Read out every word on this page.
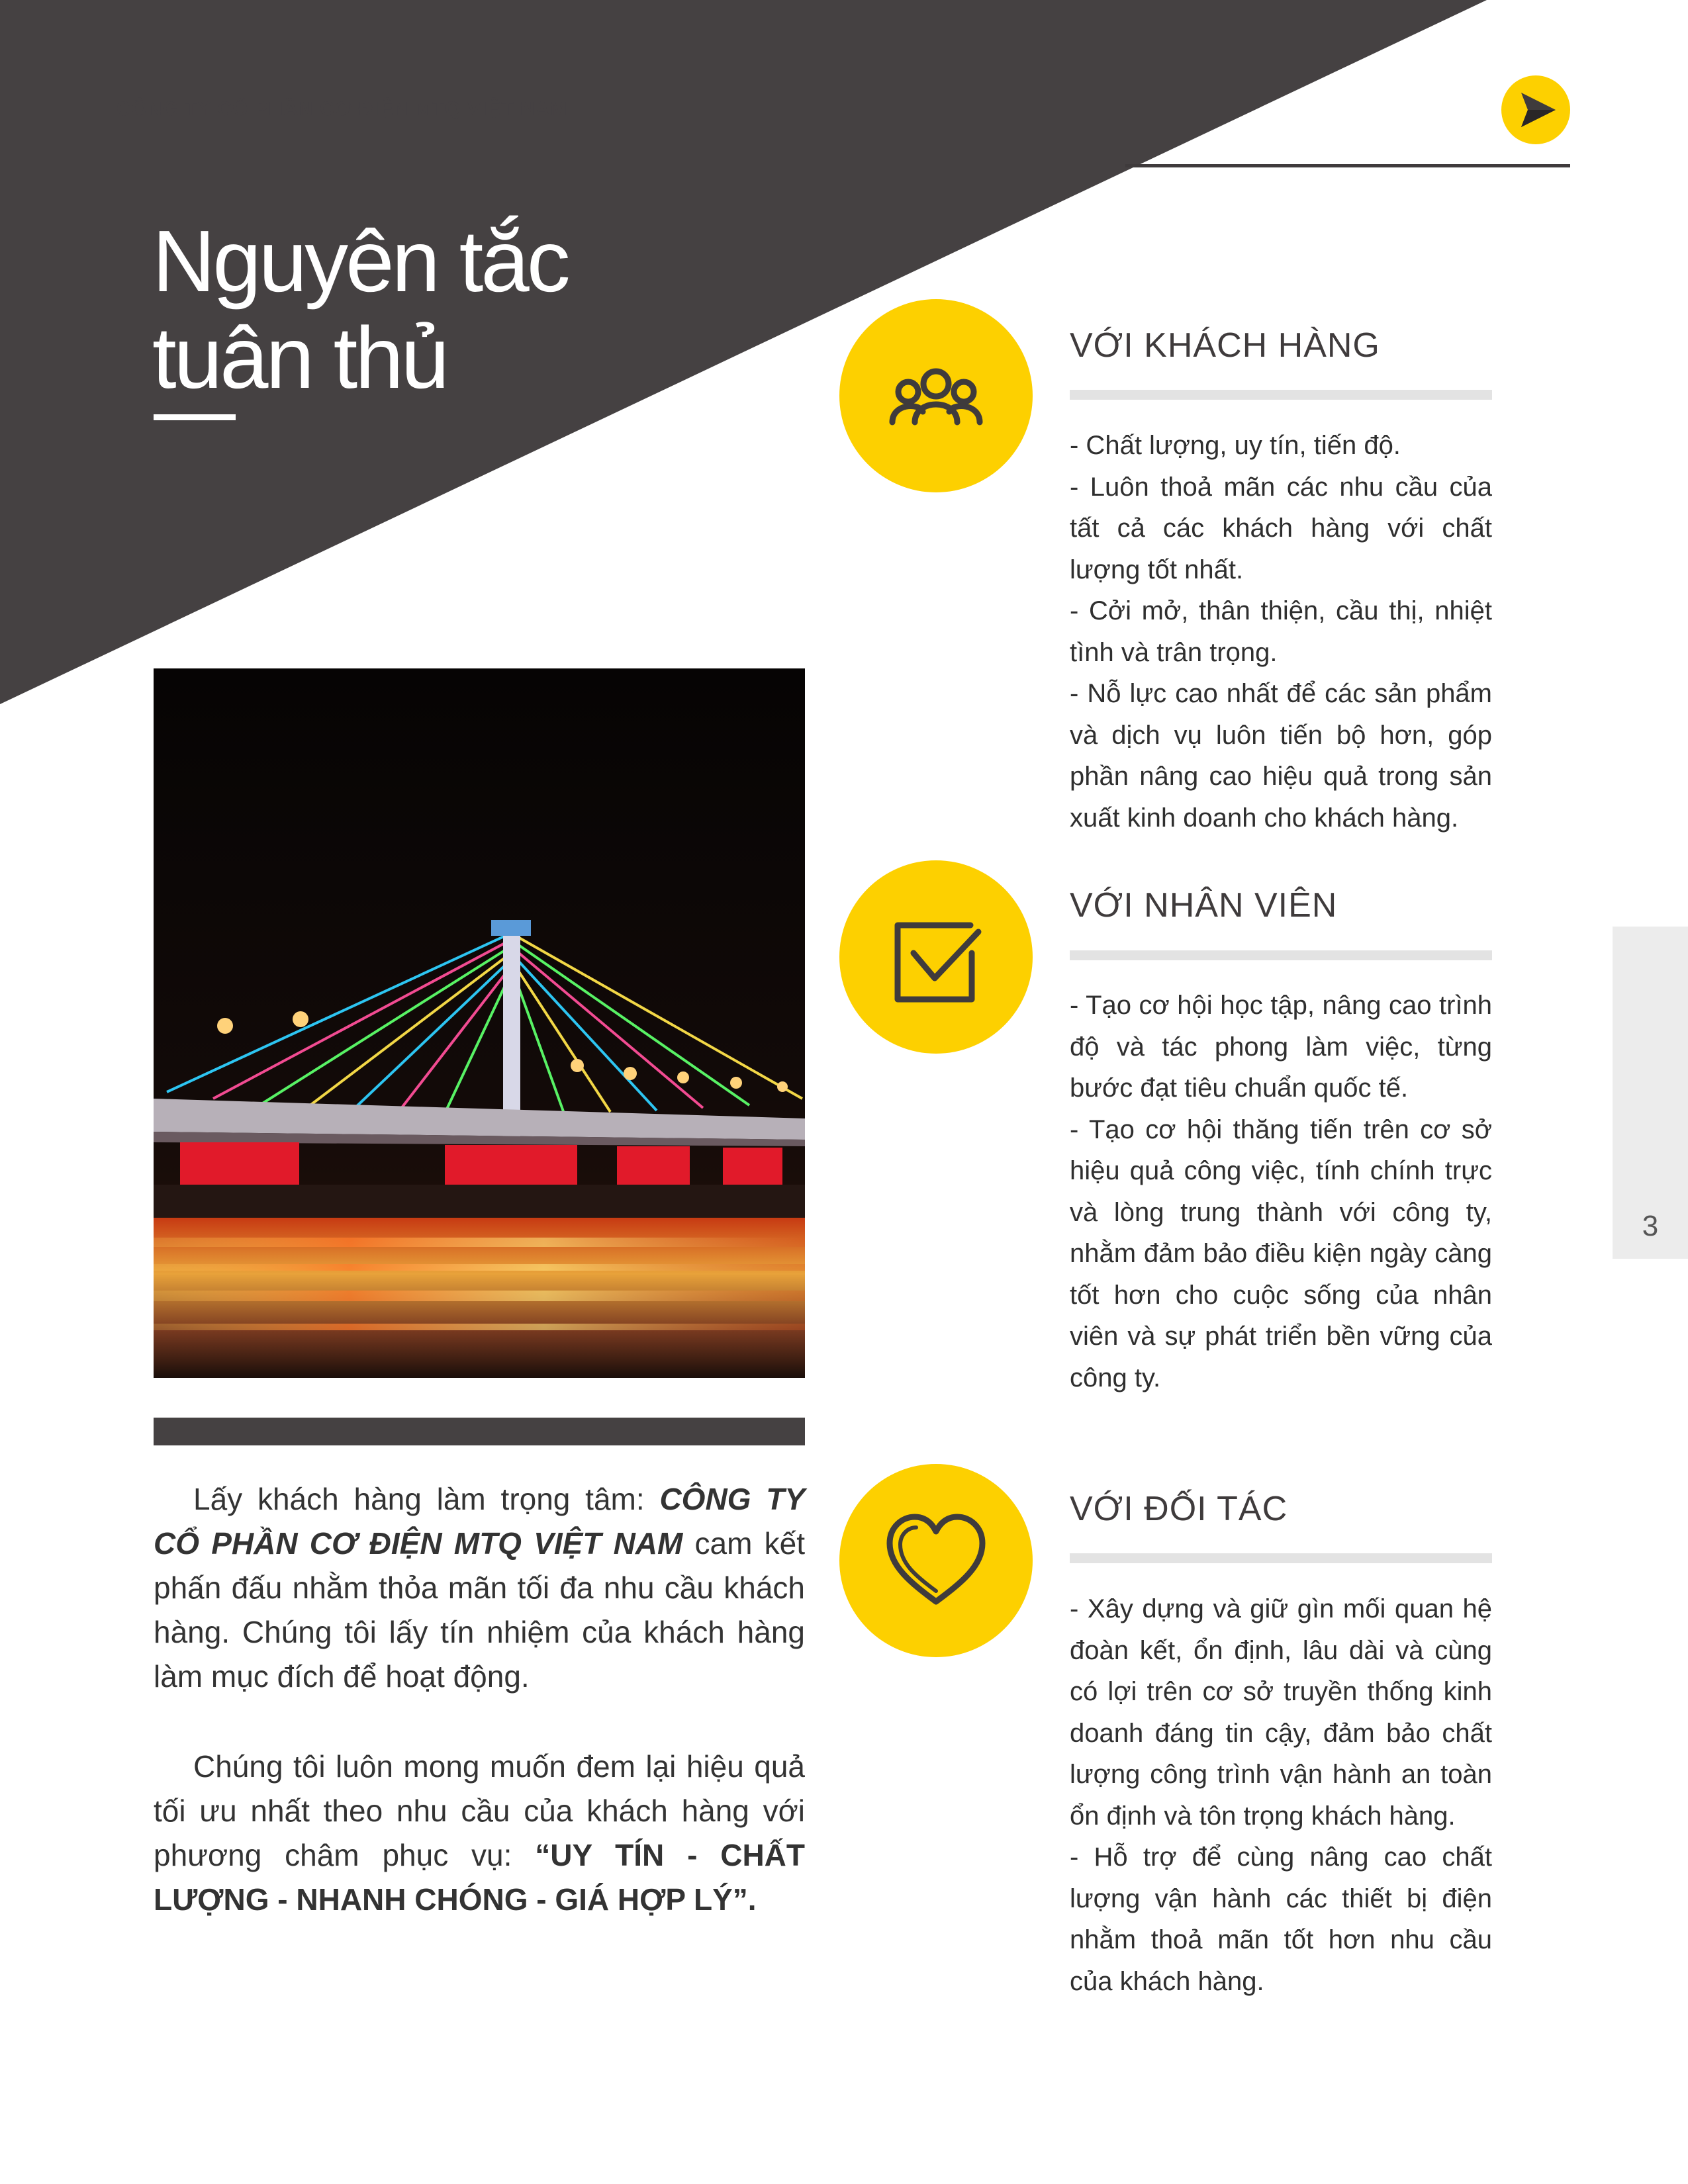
CÔNG TY CỔ PHẦN CƠ ĐIỆN MTQ VIỆT NAM
Nguyên tắc
tuân thủ
Lấy khách hàng làm trọng tâm: CÔNG TY CỔ PHẦN CƠ ĐIỆN MTQ VIỆT NAM cam kết phấn đấu nhằm thỏa mãn tối đa nhu cầu khách hàng. Chúng tôi lấy tín nhiệm của khách hàng làm mục đích để hoạt động.
Chúng tôi luôn mong muốn đem lại hiệu quả tối ưu nhất theo nhu cầu của khách hàng với phương châm phục vụ: “UY TÍN - CHẤT LƯỢNG - NHANH CHÓNG - GIÁ HỢP LÝ”.
VỚI KHÁCH HÀNG

- Chất lượng, uy tín, tiến độ.

- Luôn thoả mãn các nhu cầu của tất cả các khách hàng với chất lượng tốt nhất.

- Cởi mở, thân thiện, cầu thị, nhiệt tình và trân trọng.

- Nỗ lực cao nhất để các sản phẩm và dịch vụ luôn tiến bộ hơn, góp phần nâng cao hiệu quả trong sản xuất kinh doanh cho khách hàng.

VỚI NHÂN VIÊN

- Tạo cơ hội học tập, nâng cao trình độ và tác phong làm việc, từng bước đạt tiêu chuẩn quốc tế.

- Tạo cơ hội thăng tiến trên cơ sở hiệu quả công việc, tính chính trực và lòng trung thành với công ty, nhằm đảm bảo điều kiện ngày càng tốt hơn cho cuộc sống của nhân viên và sự phát triển bền vững của công ty.

VỚI ĐỐI TÁC

- Xây dựng và giữ gìn mối quan hệ đoàn kết, ổn định, lâu dài và cùng có lợi trên cơ sở truyền thống kinh doanh đáng tin cậy, đảm bảo chất lượng công trình vận hành an toàn ổn định và tôn trọng khách hàng.

- Hỗ trợ để cùng nâng cao chất lượng vận hành các thiết bị điện nhằm thoả mãn tốt hơn nhu cầu của khách hàng.

3
